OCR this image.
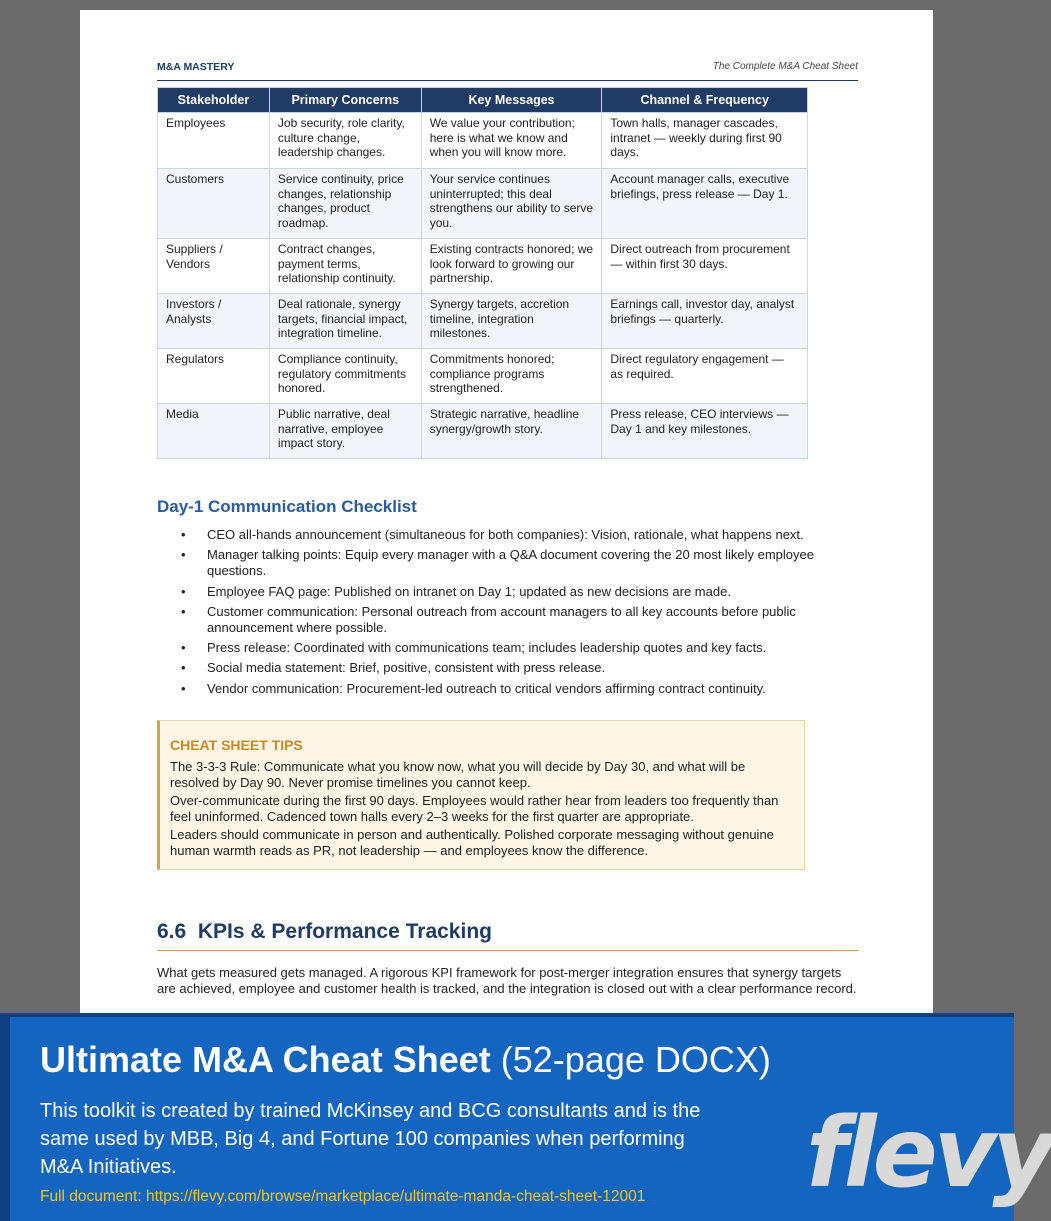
M&A MASTERY	The Complete M&A Cheat Sheet
Stakeholder	Primary Concerns	Key Messages	Channel & Frequency
Employees	Job security, role clarity, culture change, leadership changes.	We value your contribution; here is what we know and when you will know more.	Town halls, manager cascades, intranet — weekly during first 90 days.
Customers	Service continuity, price changes, relationship changes, product roadmap.	Your service continues uninterrupted; this deal strengthens our ability to serve you.	Account manager calls, executive briefings, press release — Day 1.
Suppliers / Vendors	Contract changes, payment terms, relationship continuity.	Existing contracts honored; we look forward to growing our partnership.	Direct outreach from procurement — within first 30 days.
Investors / Analysts	Deal rationale, synergy targets, financial impact, integration timeline.	Synergy targets, accretion timeline, integration milestones.	Earnings call, investor day, analyst briefings — quarterly.
Regulators	Compliance continuity, regulatory commitments honored.	Commitments honored; compliance programs strengthened.	Direct regulatory engagement — as required.
Media	Public narrative, deal narrative, employee impact story.	Strategic narrative, headline synergy/growth story.	Press release, CEO interviews — Day 1 and key milestones.
Day-1 Communication Checklist
• CEO all-hands announcement (simultaneous for both companies): Vision, rationale, what happens next.
• Manager talking points: Equip every manager with a Q&A document covering the 20 most likely employee questions.
• Employee FAQ page: Published on intranet on Day 1; updated as new decisions are made.
• Customer communication: Personal outreach from account managers to all key accounts before public announcement where possible.
• Press release: Coordinated with communications team; includes leadership quotes and key facts.
• Social media statement: Brief, positive, consistent with press release.
• Vendor communication: Procurement-led outreach to critical vendors affirming contract continuity.
CHEAT SHEET TIPS

The 3-3-3 Rule: Communicate what you know now, what you will decide by Day 30, and what will be resolved by Day 90. Never promise timelines you cannot keep.

Over-communicate during the first 90 days. Employees would rather hear from leaders too frequently than feel uninformed. Cadenced town halls every 2–3 weeks for the first quarter are appropriate.

Leaders should communicate in person and authentically. Polished corporate messaging without genuine human warmth reads as PR, not leadership — and employees know the difference.

6.6  KPIs & Performance Tracking
What gets measured gets managed. A rigorous KPI framework for post-merger integration ensures that synergy targets are achieved, employee and customer health is tracked, and the integration is closed out with a clear performance record.
Ultimate M&A Cheat Sheet (52-page DOCX)
This toolkit is created by trained McKinsey and BCG consultants and is the same used by MBB, Big 4, and Fortune 100 companies when performing M&A Initiatives.
Full document: https://flevy.com/browse/marketplace/ultimate-manda-cheat-sheet-12001 flevy
